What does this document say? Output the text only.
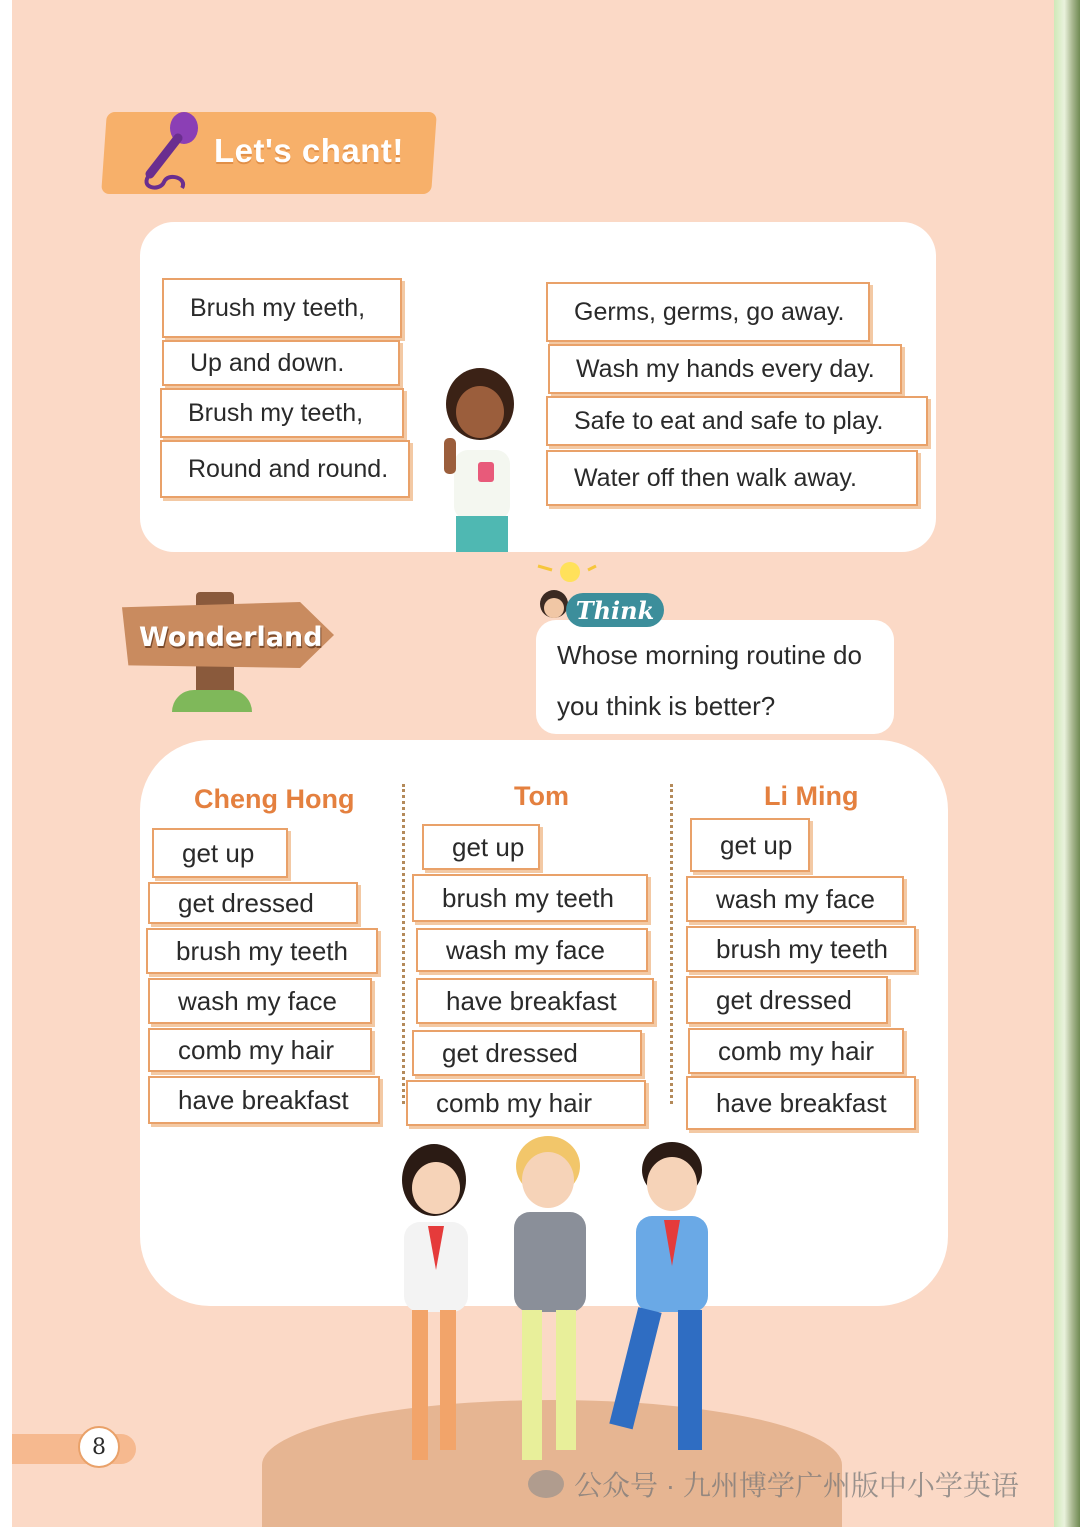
Let's chant!
Brush my teeth,
Up and down.
Brush my teeth,
Round and round.
Germs, germs, go away.
Wash my hands every day.
Safe to eat and safe to play.
Water off then walk away.
Wonderland
Think
Whose morning routine do
you think is better?
Cheng Hong	Tom	Li Ming
get up
get dressed
brush my teeth
wash my face
comb my hair
have breakfast
get up
brush my teeth
wash my face
have breakfast
get dressed
comb my hair
get up
wash my face
brush my teeth
get dressed
comb my hair
have breakfast
8
公众号 · 九州博学广州版中小学英语
